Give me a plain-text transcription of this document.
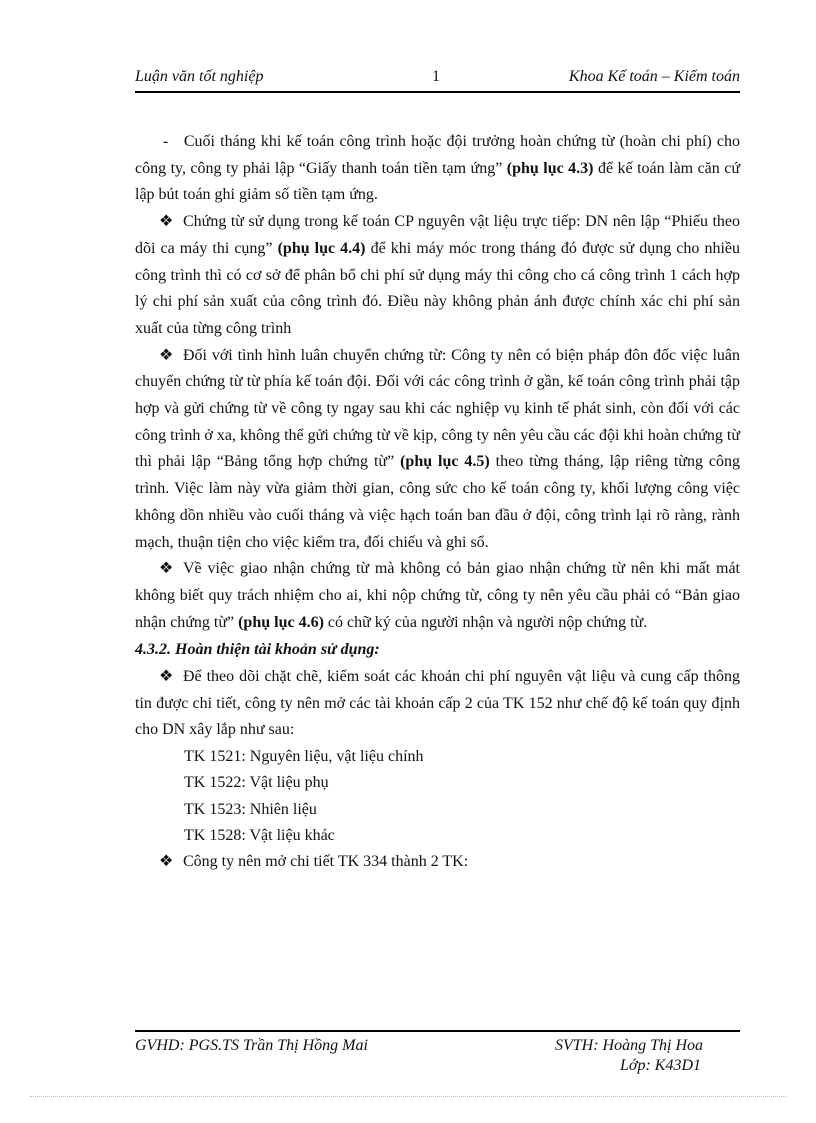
Luận văn tốt nghiệp	1	Khoa Kế toán – Kiểm toán

- Cuối tháng khi kế toán công trình hoặc đội trưởng hoàn chứng từ (hoàn chi phí) cho công ty, công ty phải lập “Giấy thanh toán tiền tạm ứng” (phụ lục 4.3) để kế toán làm căn cứ lập bút toán ghi giảm số tiền tạm ứng.

❖ Chứng từ sử dụng trong kế toán CP nguyên vật liệu trực tiếp: DN nên lập “Phiếu theo dõi ca máy thi cụng” (phụ lục 4.4) để khi máy móc trong tháng đó được sử dụng cho nhiều công trình thì có cơ sở để phân bổ chi phí sử dụng máy thi công cho cá công trình 1 cách hợp lý chi phí sản xuất của công trình đó. Điều này không phản ánh được chính xác chi phí sản xuất của từng công trình

❖ Đối với tình hình luân chuyển chứng từ: Công ty nên có biện pháp đôn đốc việc luân chuyển chứng từ từ phía kế toán đội. Đối với các công trình ở gần, kế toán công trình phải tập hợp và gửi chứng từ về công ty ngay sau khi các nghiệp vụ kinh tế phát sinh, còn đối với các công trình ở xa, không thể gửi chứng từ về kịp, công ty nên yêu cầu các đội khi hoàn chứng từ thì phải lập “Bảng tổng hợp chứng từ” (phụ lục 4.5) theo từng tháng, lập riêng từng công trình. Việc làm này vừa giảm thời gian, công sức cho kế toán công ty, khối lượng công việc không dồn nhiều vào cuối tháng và việc hạch toán ban đầu ở đội, công trình lại rõ ràng, rành mạch, thuận tiện cho việc kiểm tra, đối chiếu và ghi sổ.

❖ Về việc giao nhận chứng từ mà không có bản giao nhận chứng từ nên khi mất mát không biết quy trách nhiệm cho ai, khi nộp chứng từ, công ty nên yêu cầu phải có “Bản giao nhận chứng từ” (phụ lục 4.6) có chữ ký của người nhận và người nộp chứng từ.

4.3.2. Hoàn thiện tài khoản sử dụng:

❖ Để theo dõi chặt chẽ, kiểm soát các khoản chi phí nguyên vật liệu và cung cấp thông tin được chi tiết, công ty nên mở các tài khoản cấp 2 của TK 152 như chế độ kế toán quy định cho DN xây lắp như sau:

TK 1521: Nguyên liệu, vật liệu chính

TK 1522: Vật liệu phụ

TK 1523: Nhiên liệu

TK 1528: Vật liệu khác

❖ Công ty nên mở chi tiết TK 334 thành 2 TK:

GVHD: PGS.TS Trần Thị Hồng Mai	SVTH: Hoàng Thị Hoa
Lớp: K43D1
